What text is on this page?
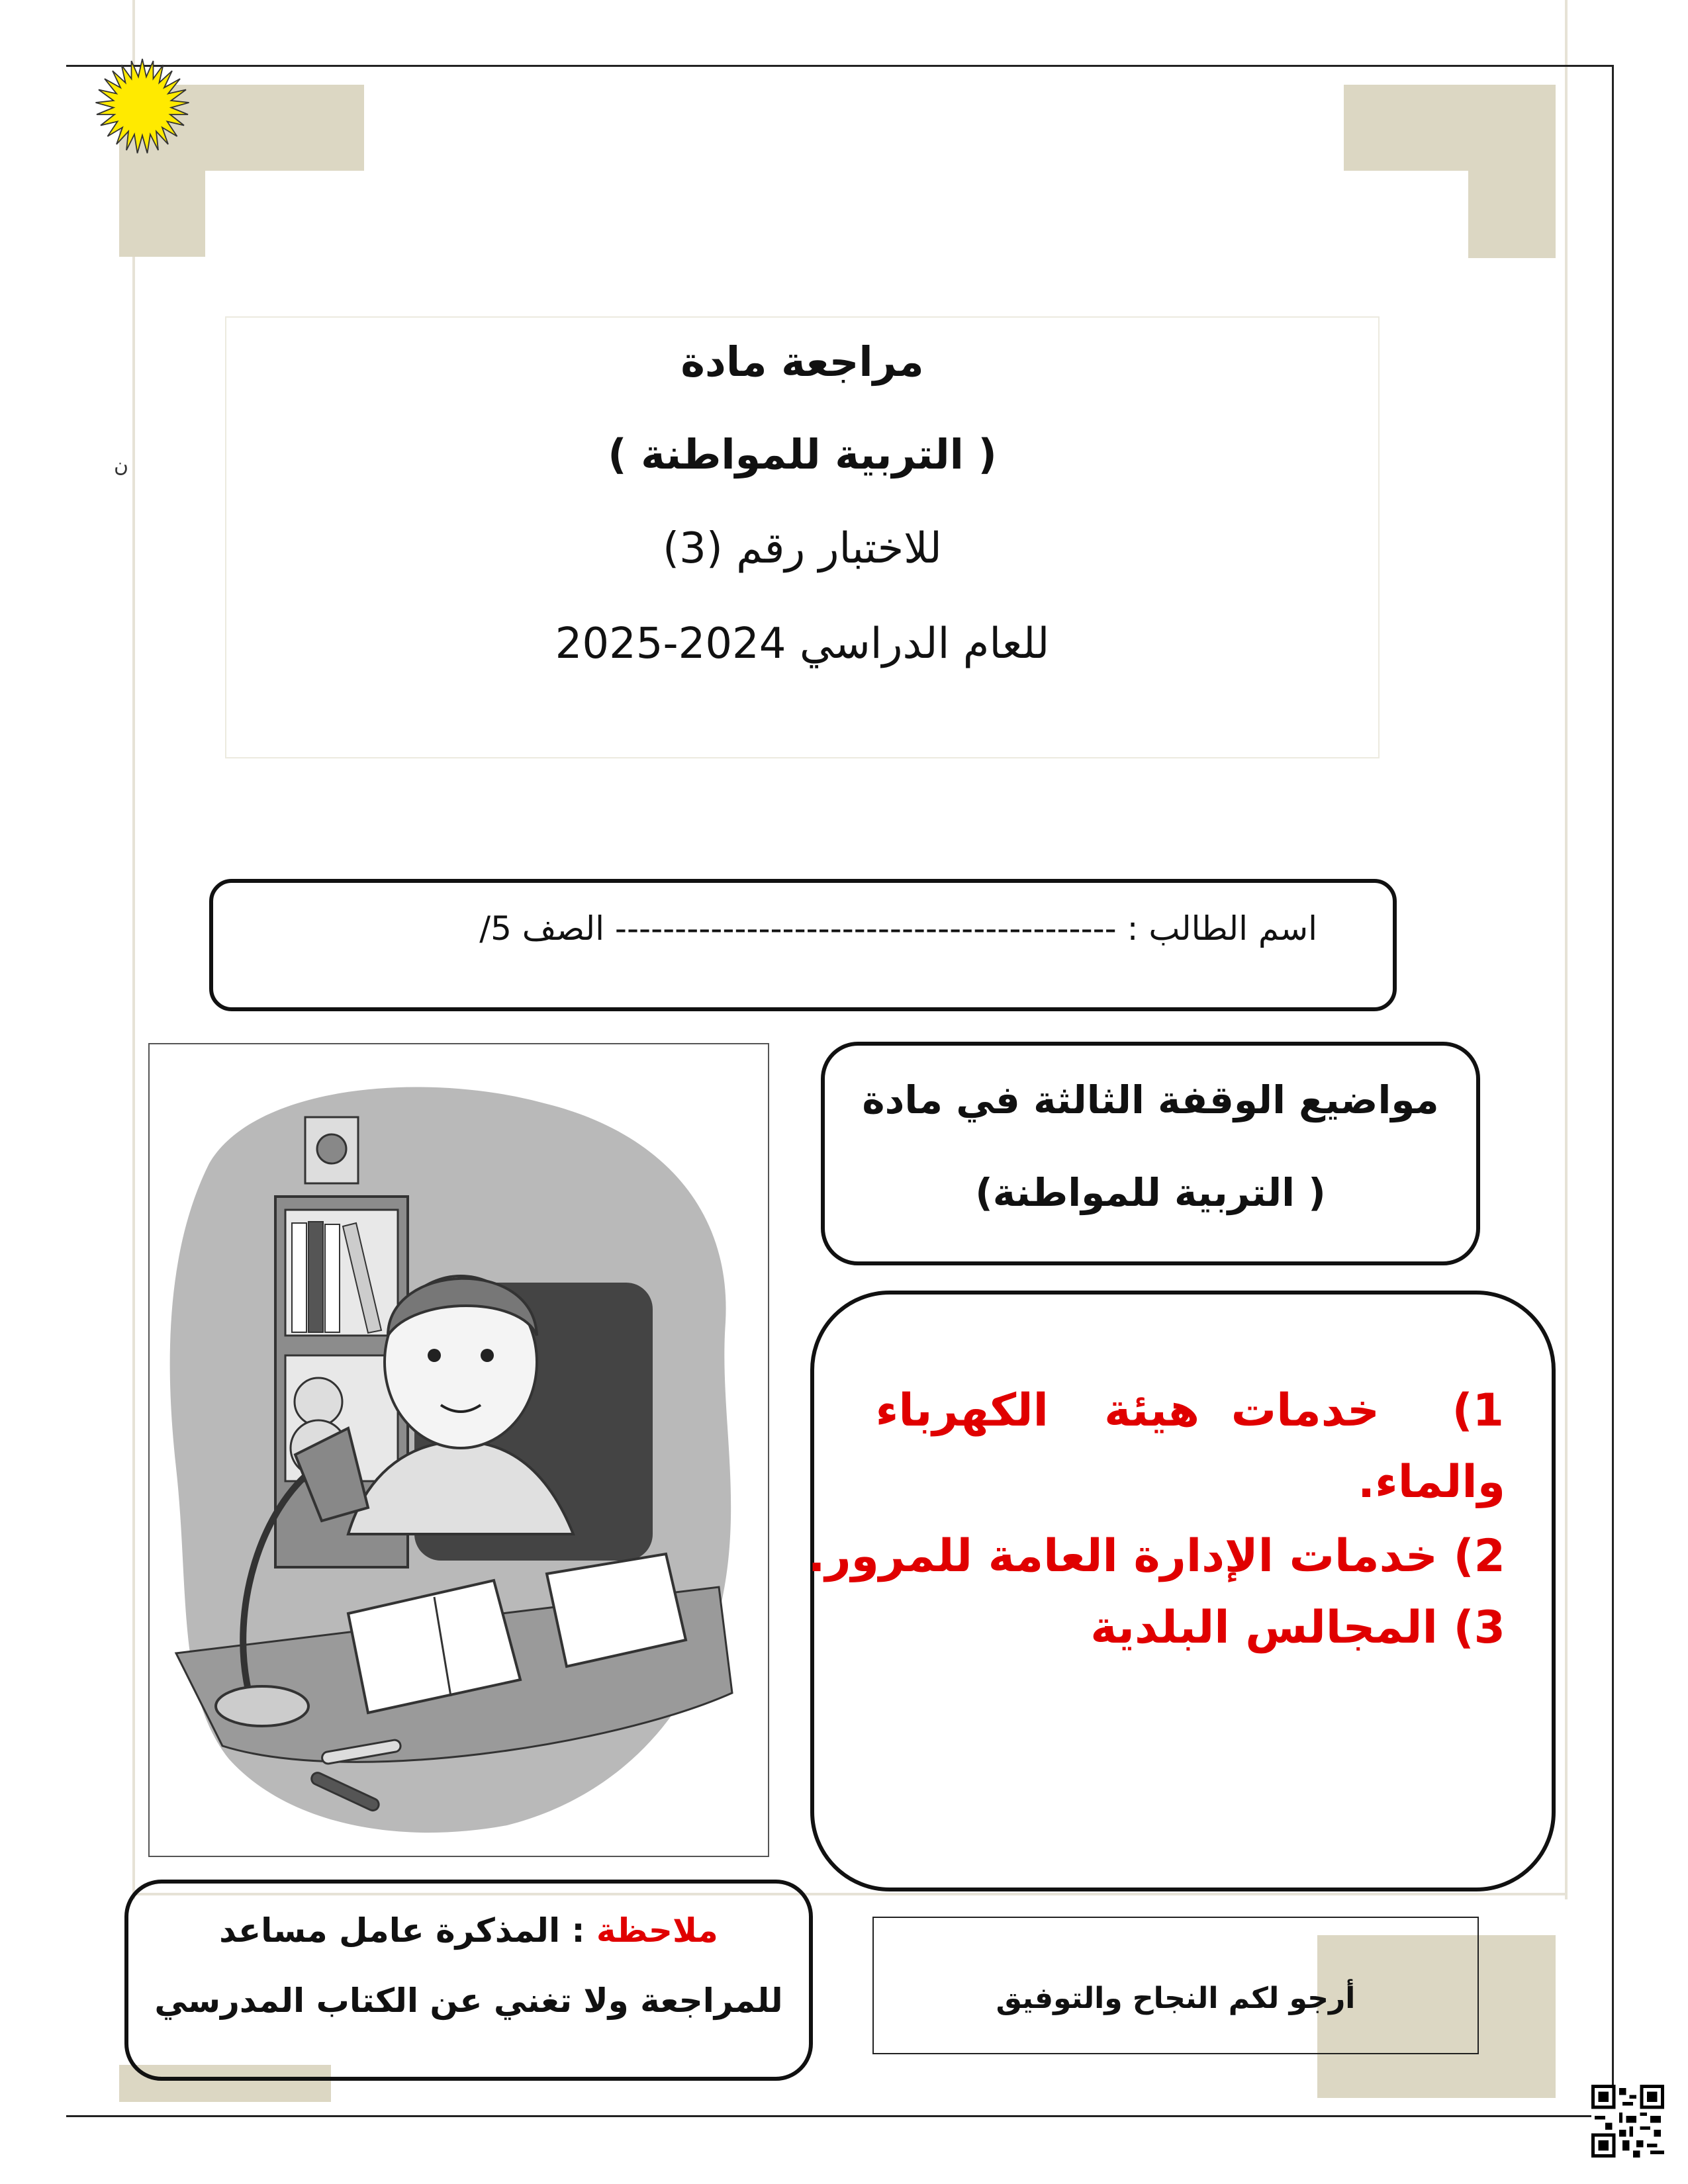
مراجعة مادة
( التربية للمواطنة )
للاختبار رقم (3)
للعام الدراسي 2024-2025
ن
اسم الطالب : ------------------------------------------ الصف 5/
مواضيع الوقفة الثالثة في مادة
( التربية للمواطنة)
1)
خدمات
هيئة
الكهرباء
والماء.
2) خدمات الإدارة العامة للمرور.
3) المجالس البلدية
ملاحظة : المذكرة عامل مساعد
للمراجعة ولا تغني عن الكتاب المدرسي	أرجو لكم النجاح والتوفيق
